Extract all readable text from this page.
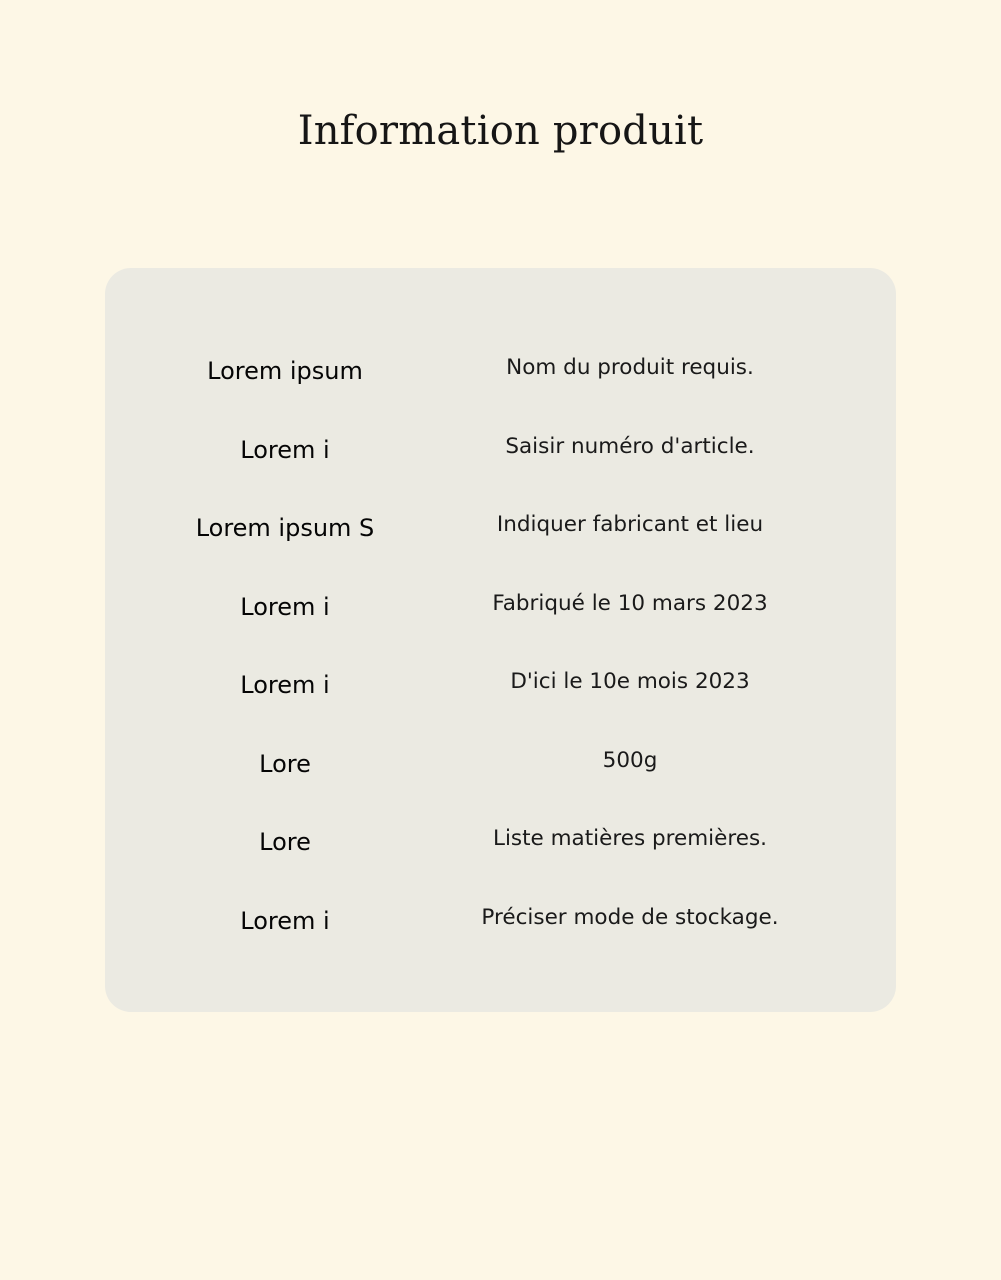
Information produit
Lorem ipsum	Nom du produit requis.
Lorem i	Saisir numéro d'article.
Lorem ipsum S	Indiquer fabricant et lieu
Lorem i	Fabriqué le 10 mars 2023
Lorem i	D'ici le 10e mois 2023
Lore	500g
Lore	Liste matières premières.
Lorem i	Préciser mode de stockage.
